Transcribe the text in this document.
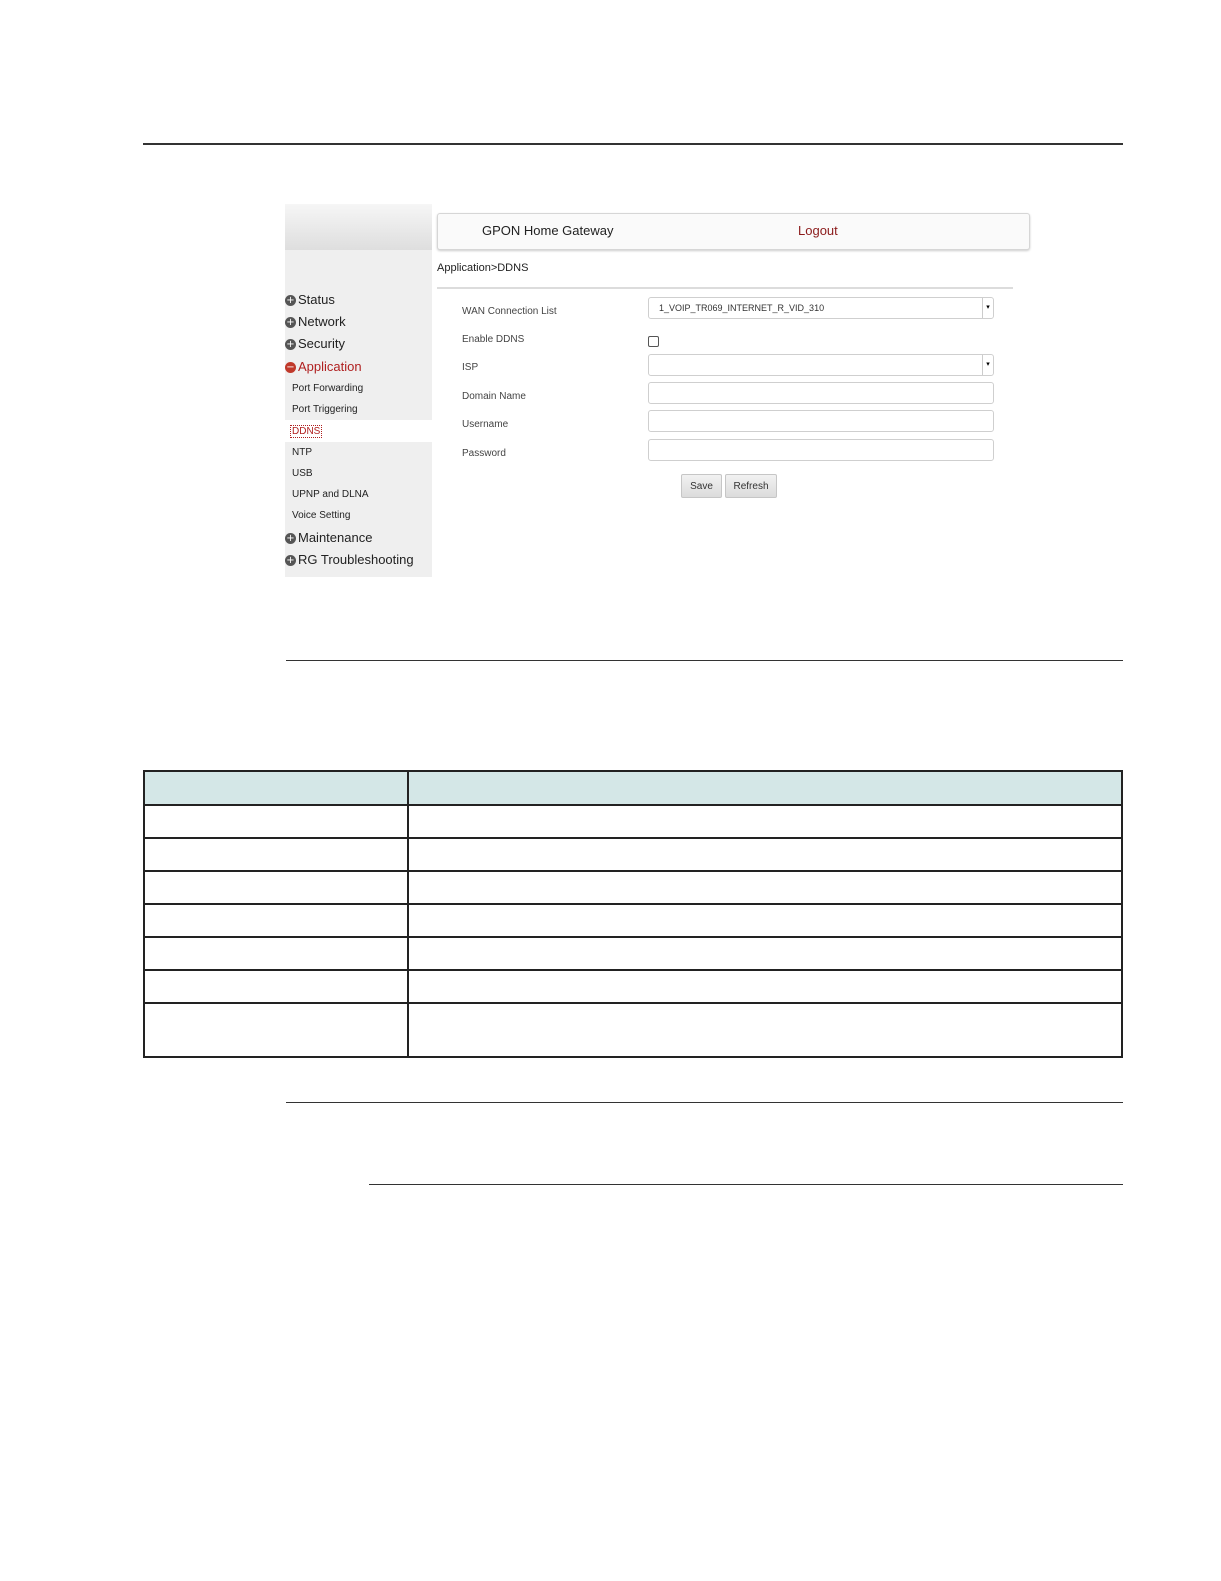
+ Status
+ Network
+ Security
− Application
Port Forwarding
Port Triggering
DDNS
NTP
USB
UPNP and DLNA
Voice Setting
+ Maintenance
+ RG Troubleshooting
GPON Home Gateway	Logout
Application>DDNS
WAN Connection List	1_VOIP_TR069_INTERNET_R_VID_310	▾
Enable DDNS
ISP	▾
Domain Name
Username
Password
Save	Refresh
